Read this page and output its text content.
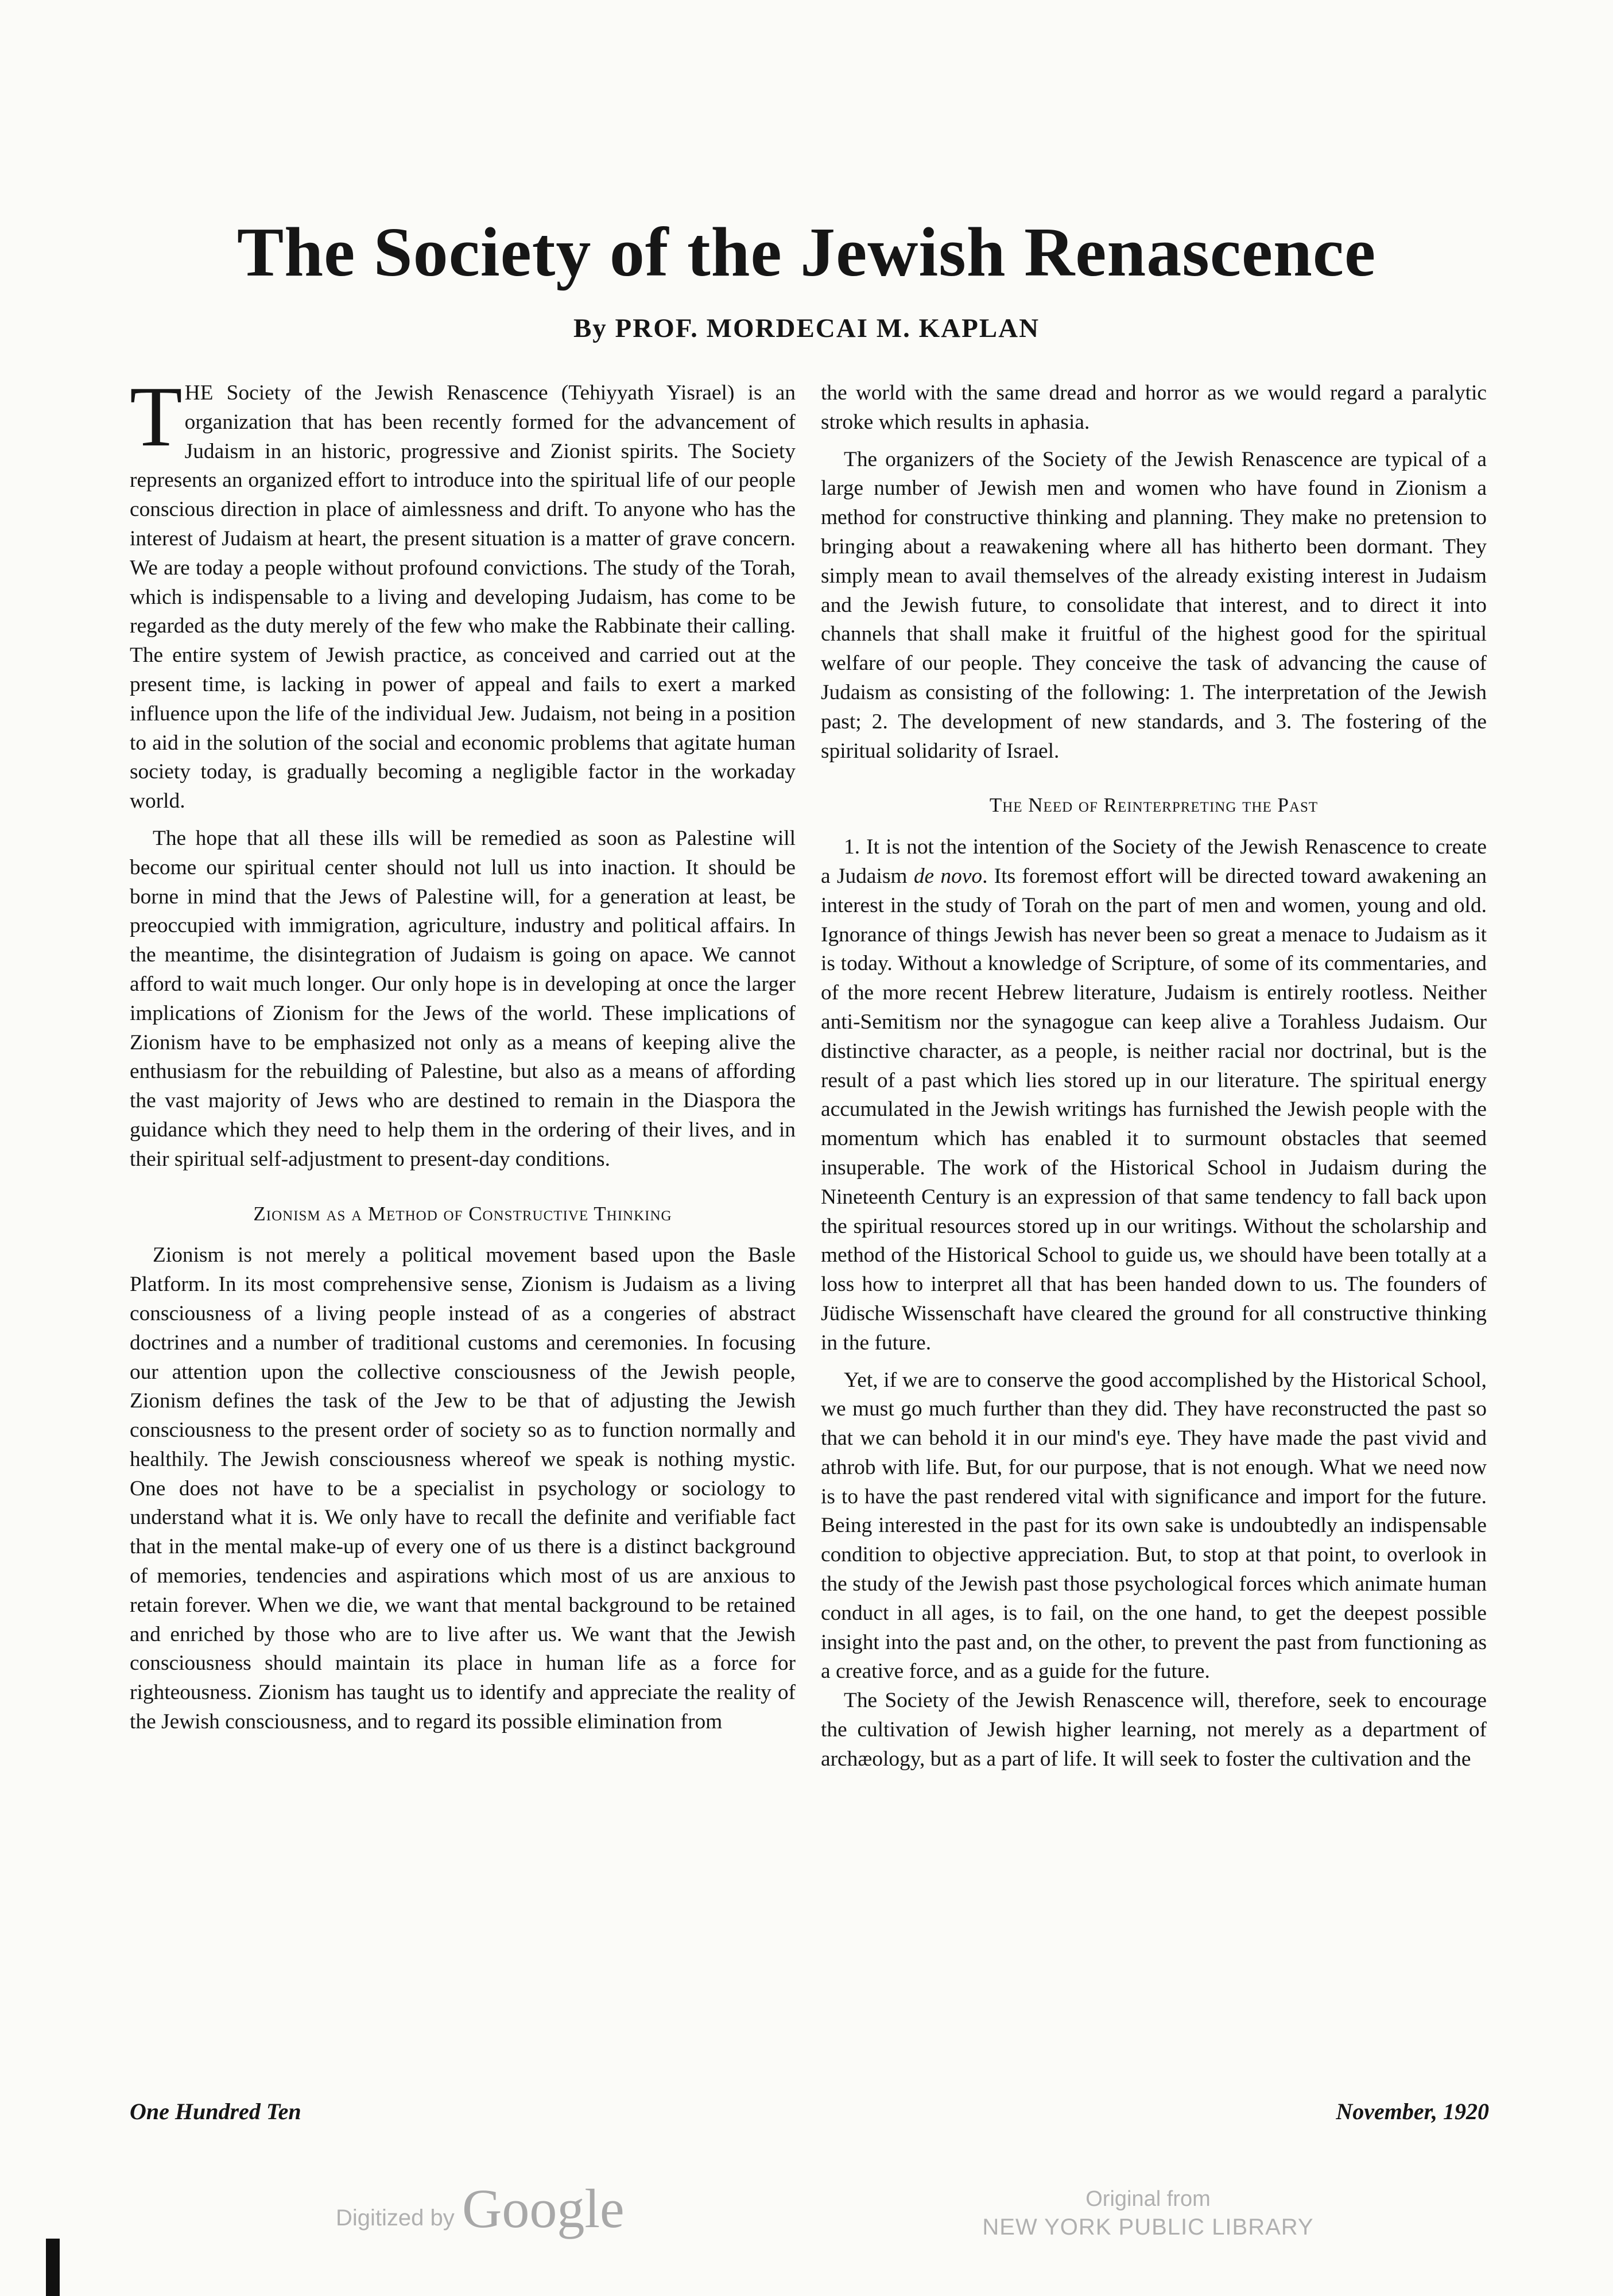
The Society of the Jewish Renascence
By PROF. MORDECAI M. KAPLAN

THE Society of the Jewish Renascence (Tehiyyath Yisrael) is an organization that has been recently formed for the advancement of Judaism in an historic, progressive and Zionist spirits. The Society represents an organized effort to introduce into the spiritual life of our people conscious direction in place of aimlessness and drift. To anyone who has the interest of Judaism at heart, the present situation is a matter of grave concern. We are today a people without profound convictions. The study of the Torah, which is indispensable to a living and developing Judaism, has come to be regarded as the duty merely of the few who make the Rabbinate their calling. The entire system of Jewish practice, as conceived and carried out at the present time, is lacking in power of appeal and fails to exert a marked influence upon the life of the individual Jew. Judaism, not being in a position to aid in the solution of the social and economic problems that agitate human society today, is gradually becoming a negligible factor in the workaday world.

The hope that all these ills will be remedied as soon as Palestine will become our spiritual center should not lull us into inaction. It should be borne in mind that the Jews of Palestine will, for a generation at least, be preoccupied with immigration, agriculture, industry and political affairs. In the meantime, the disintegration of Judaism is going on apace. We cannot afford to wait much longer. Our only hope is in developing at once the larger implications of Zionism for the Jews of the world. These implications of Zionism have to be emphasized not only as a means of keeping alive the enthusiasm for the rebuilding of Palestine, but also as a means of affording the vast majority of Jews who are destined to remain in the Diaspora the guidance which they need to help them in the ordering of their lives, and in their spiritual self-adjustment to present-day conditions.

Zionism as a Method of Constructive Thinking

Zionism is not merely a political movement based upon the Basle Platform. In its most comprehensive sense, Zionism is Judaism as a living consciousness of a living people instead of as a congeries of abstract doctrines and a number of traditional customs and ceremonies. In focusing our attention upon the collective consciousness of the Jewish people, Zionism defines the task of the Jew to be that of adjusting the Jewish consciousness to the present order of society so as to function normally and healthily. The Jewish consciousness whereof we speak is nothing mystic. One does not have to be a specialist in psychology or sociology to understand what it is. We only have to recall the definite and verifiable fact that in the mental make-up of every one of us there is a distinct background of memories, tendencies and aspirations which most of us are anxious to retain forever. When we die, we want that mental background to be retained and enriched by those who are to live after us. We want that the Jewish consciousness should maintain its place in human life as a force for righteousness. Zionism has taught us to identify and appreciate the reality of the Jewish consciousness, and to regard its possible elimination from

the world with the same dread and horror as we would regard a paralytic stroke which results in aphasia.

The organizers of the Society of the Jewish Renascence are typical of a large number of Jewish men and women who have found in Zionism a method for constructive thinking and planning. They make no pretension to bringing about a reawakening where all has hitherto been dormant. They simply mean to avail themselves of the already existing interest in Judaism and the Jewish future, to consolidate that interest, and to direct it into channels that shall make it fruitful of the highest good for the spiritual welfare of our people. They conceive the task of advancing the cause of Judaism as consisting of the following: 1. The interpretation of the Jewish past; 2. The development of new standards, and 3. The fostering of the spiritual solidarity of Israel.

The Need of Reinterpreting the Past

1. It is not the intention of the Society of the Jewish Renascence to create a Judaism de novo. Its foremost effort will be directed toward awakening an interest in the study of Torah on the part of men and women, young and old. Ignorance of things Jewish has never been so great a menace to Judaism as it is today. Without a knowledge of Scripture, of some of its commentaries, and of the more recent Hebrew literature, Judaism is entirely rootless. Neither anti-Semitism nor the synagogue can keep alive a Torahless Judaism. Our distinctive character, as a people, is neither racial nor doctrinal, but is the result of a past which lies stored up in our literature. The spiritual energy accumulated in the Jewish writings has furnished the Jewish people with the momentum which has enabled it to surmount obstacles that seemed insuperable. The work of the Historical School in Judaism during the Nineteenth Century is an expression of that same tendency to fall back upon the spiritual resources stored up in our writings. Without the scholarship and method of the Historical School to guide us, we should have been totally at a loss how to interpret all that has been handed down to us. The founders of Jüdische Wissenschaft have cleared the ground for all constructive thinking in the future.

Yet, if we are to conserve the good accomplished by the Historical School, we must go much further than they did. They have reconstructed the past so that we can behold it in our mind's eye. They have made the past vivid and athrob with life. But, for our purpose, that is not enough. What we need now is to have the past rendered vital with significance and import for the future. Being interested in the past for its own sake is undoubtedly an indispensable condition to objective appreciation. But, to stop at that point, to overlook in the study of the Jewish past those psychological forces which animate human conduct in all ages, is to fail, on the one hand, to get the deepest possible insight into the past and, on the other, to prevent the past from functioning as a creative force, and as a guide for the future.

The Society of the Jewish Renascence will, therefore, seek to encourage the cultivation of Jewish higher learning, not merely as a department of archæology, but as a part of life. It will seek to foster the cultivation and the

One Hundred Ten	November, 1920
Digitized by Google	Original from
NEW YORK PUBLIC LIBRARY
